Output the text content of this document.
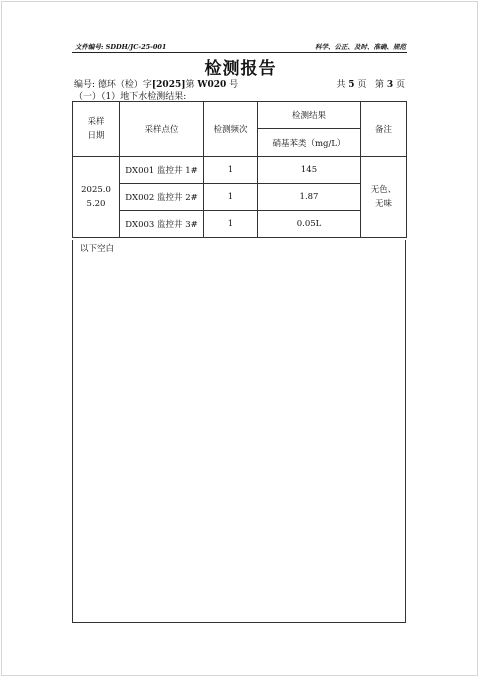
文件编号: SDDH/JC-25-001	科学、公正、及时、准确、规范
检测报告
编号: 德环（检）字[2025]第 W020 号	共 5 页 第 3 页
（一）（1）地下水检测结果:
采样日期	采样点位	检测频次	检测结果	备注
			硝基苯类（mg/L）	

2025.05.20	DX001 监控井 1#	1	145	无色、无味

	DX002 监控井 2#	1	1.87	
	DX003 监控井 3#	1	0.05L	
以下空白
